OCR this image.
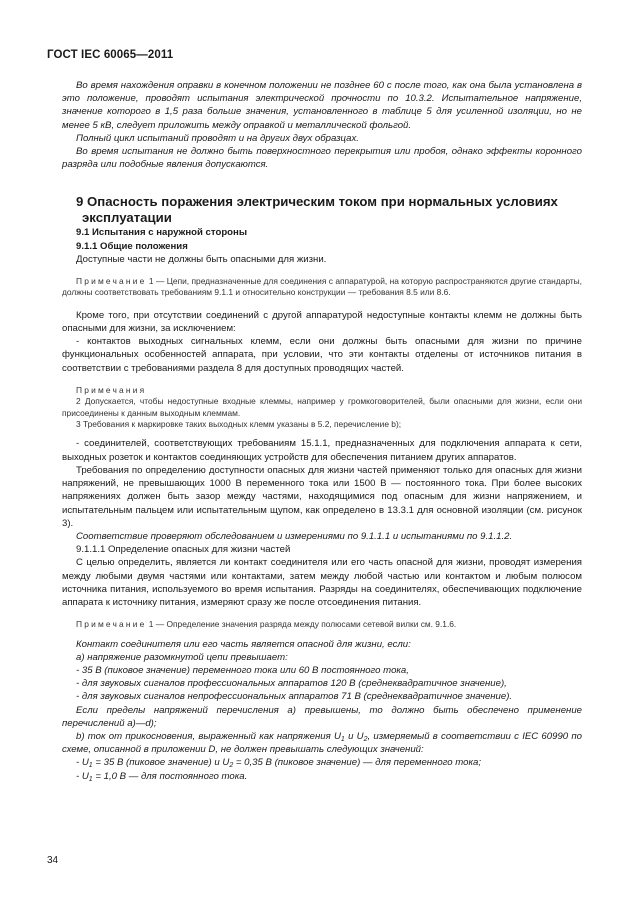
ГОСТ IEC 60065—2011

Во время нахождения оправки в конечном положении не позднее 60 с после того, как она была установлена в это положение, проводят испытания электрической прочности по 10.3.2. Испытательное напряжение, значение которого в 1,5 раза больше значения, установленного в таблице 5 для усиленной изоляции, но не менее 5 кВ, следует приложить между оправкой и металлической фольгой.

Полный цикл испытаний проводят и на других двух образцах.

Во время испытания не должно быть поверхностного перекрытия или пробоя, однако эффекты коронного разряда или подобные явления допускаются.

9 Опасность поражения электрическим током при нормальных условиях
эксплуатации

9.1 Испытания с наружной стороны

9.1.1 Общие положения

Доступные части не должны быть опасными для жизни.

Примечание 1 — Цепи, предназначенные для соединения с аппаратурой, на которую распространяются другие стандарты, должны соответствовать требованиям 9.1.1 и относительно конструкции — требования 8.5 или 8.6.

Кроме того, при отсутствии соединений с другой аппаратурой недоступные контакты клемм не должны быть опасными для жизни, за исключением:

- контактов выходных сигнальных клемм, если они должны быть опасными для жизни по причине функциональных особенностей аппарата, при условии, что эти контакты отделены от источников питания в соответствии с требованиями раздела 8 для доступных проводящих частей.

Примечания

2 Допускается, чтобы недоступные входные клеммы, например у громкоговорителей, были опасными для жизни, если они присоединены к данным выходным клеммам.

3 Требования к маркировке таких выходных клемм указаны в 5.2, перечисление b);

- соединителей, соответствующих требованиям 15.1.1, предназначенных для подключения аппарата к сети, выходных розеток и контактов соединяющих устройств для обеспечения питанием других аппаратов.

Требования по определению доступности опасных для жизни частей применяют только для опасных для жизни напряжений, не превышающих 1000 В переменного тока или 1500 В — постоянного тока. При более высоких напряжениях должен быть зазор между частями, находящимися под опасным для жизни напряжением, и испытательным пальцем или испытательным щупом, как определено в 13.3.1 для основной изоляции (см. рисунок 3).

Соответствие проверяют обследованием и измерениями по 9.1.1.1 и испытаниями по 9.1.1.2.

9.1.1.1 Определение опасных для жизни частей

С целью определить, является ли контакт соединителя или его часть опасной для жизни, проводят измерения между любыми двумя частями или контактами, затем между любой частью или контактом и любым полюсом источника питания, используемого во время испытания. Разряды на соединителях, обеспечивающих подключение аппарата к источнику питания, измеряют сразу же после отсоединения питания.

Примечание 1 — Определение значения разряда между полюсами сетевой вилки см. 9.1.6.

Контакт соединителя или его часть является опасной для жизни, если:

а) напряжение разомкнутой цепи превышает:

- 35 В (пиковое значение) переменного тока или 60 В постоянного тока,

- для звуковых сигналов профессиональных аппаратов 120 В (среднеквадратичное значение),

- для звуковых сигналов непрофессиональных аппаратов 71 В (среднеквадратичное значение).

Если пределы напряжений перечисления а) превышены, то должно быть обеспечено применение перечислений a)—d);

b) ток от прикосновения, выраженный как напряжения $U_1$ и $U_2$, измеряемый в соответствии с IEC 60990 по схеме, описанной в приложении D, не должен превышать следующих значений:

- $U_1 = 35$ В (пиковое значение) и $U_2 = 0,35$ В (пиковое значение) — для переменного тока;

- $U_1 = 1,0$ В — для постоянного тока.

34
